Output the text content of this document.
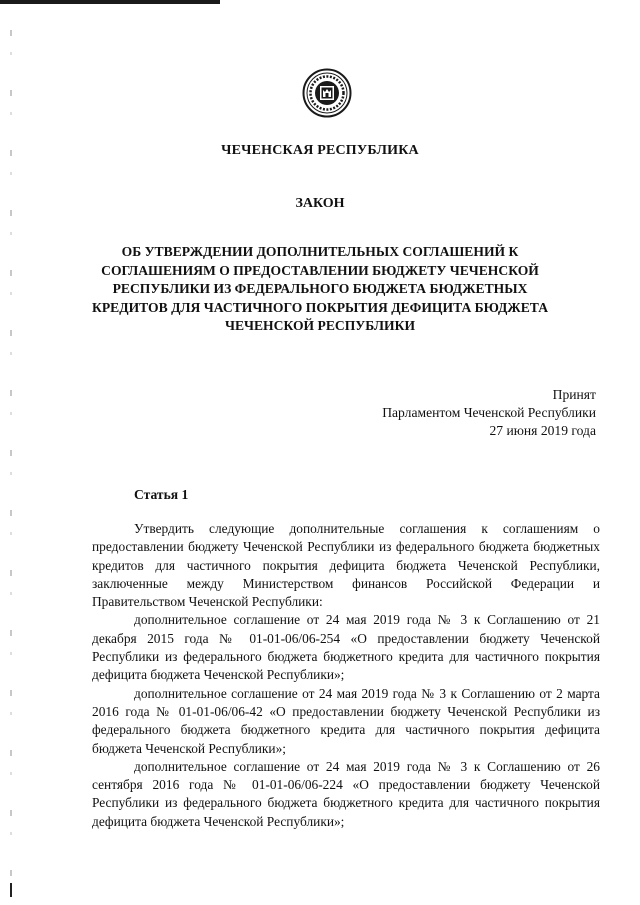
ЧЕЧЕНСКАЯ РЕСПУБЛИКА
ЗАКОН
ОБ УТВЕРЖДЕНИИ ДОПОЛНИТЕЛЬНЫХ СОГЛАШЕНИЙ К
СОГЛАШЕНИЯМ О ПРЕДОСТАВЛЕНИИ БЮДЖЕТУ ЧЕЧЕНСКОЙ
РЕСПУБЛИКИ ИЗ ФЕДЕРАЛЬНОГО БЮДЖЕТА БЮДЖЕТНЫХ
КРЕДИТОВ ДЛЯ ЧАСТИЧНОГО ПОКРЫТИЯ ДЕФИЦИТА БЮДЖЕТА
ЧЕЧЕНСКОЙ РЕСПУБЛИКИ
Принят
Парламентом Чеченской Республики
27 июня 2019 года
Статья 1

Утвердить следующие дополнительные соглашения к соглашениям о предоставлении бюджету Чеченской Республики из федерального бюджета бюджетных кредитов для частичного покрытия дефицита бюджета Чеченской Республики, заключенные между Министерством финансов Российской Федерации и Правительством Чеченской Республики:

дополнительное соглашение от 24 мая 2019 года № 3 к Соглашению от 21 декабря 2015 года № 01-01-06/06-254 «О предоставлении бюджету Чеченской Республики из федерального бюджета бюджетного кредита для частичного покрытия дефицита бюджета Чеченской Республики»;

дополнительное соглашение от 24 мая 2019 года № 3 к Соглашению от 2 марта 2016 года № 01-01-06/06-42 «О предоставлении бюджету Чеченской Республики из федерального бюджета бюджетного кредита для частичного покрытия дефицита бюджета Чеченской Республики»;

дополнительное соглашение от 24 мая 2019 года № 3 к Соглашению от 26 сентября 2016 года № 01-01-06/06-224 «О предоставлении бюджету Чеченской Республики из федерального бюджета бюджетного кредита для частичного покрытия дефицита бюджета Чеченской Республики»;
